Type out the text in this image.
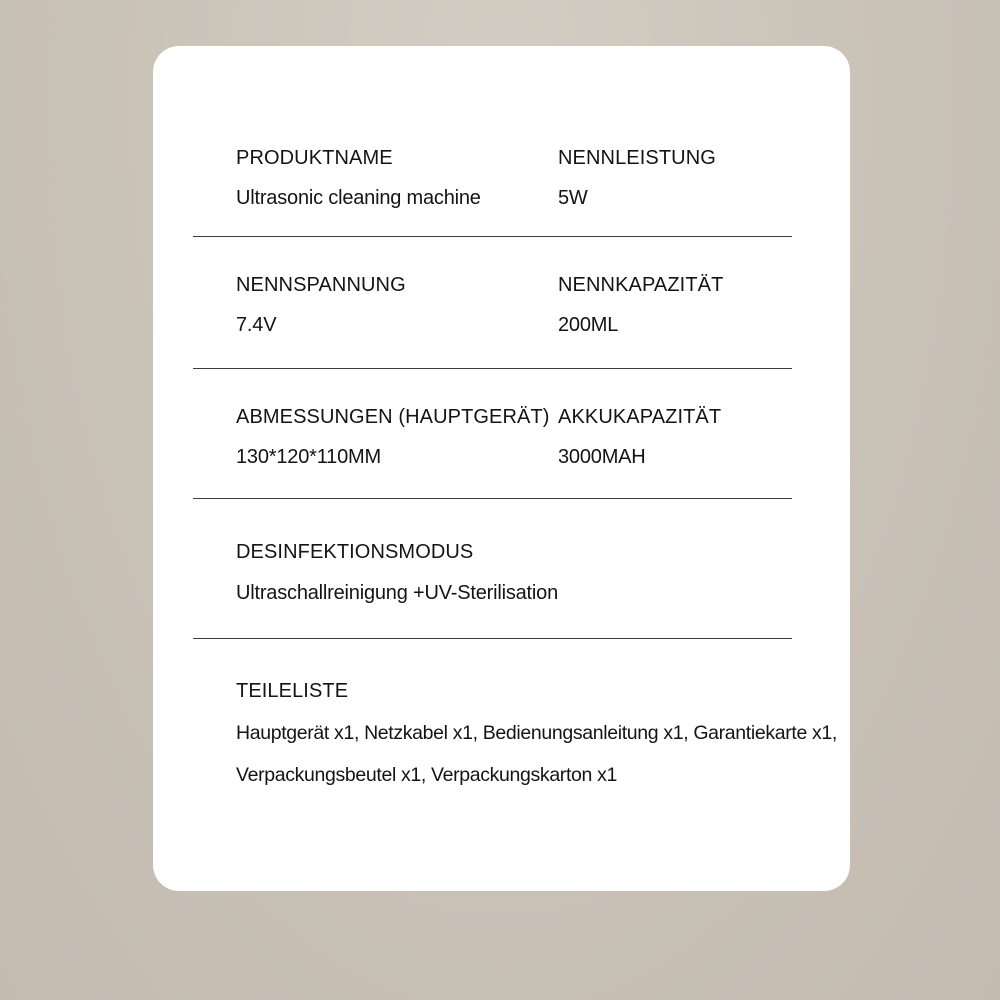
PRODUKTNAME
Ultrasonic cleaning machine
NENNLEISTUNG
5W
NENNSPANNUNG
7.4V
NENNKAPAZITÄT
200ML
ABMESSUNGEN (HAUPTGERÄT)
130*120*110MM
AKKUKAPAZITÄT
3000MAH
DESINFEKTIONSMODUS
Ultraschallreinigung +UV-Sterilisation
TEILELISTE
Hauptgerät x1, Netzkabel x1, Bedienungsanleitung x1, Garantiekarte x1,
Verpackungsbeutel x1, Verpackungskarton x1
